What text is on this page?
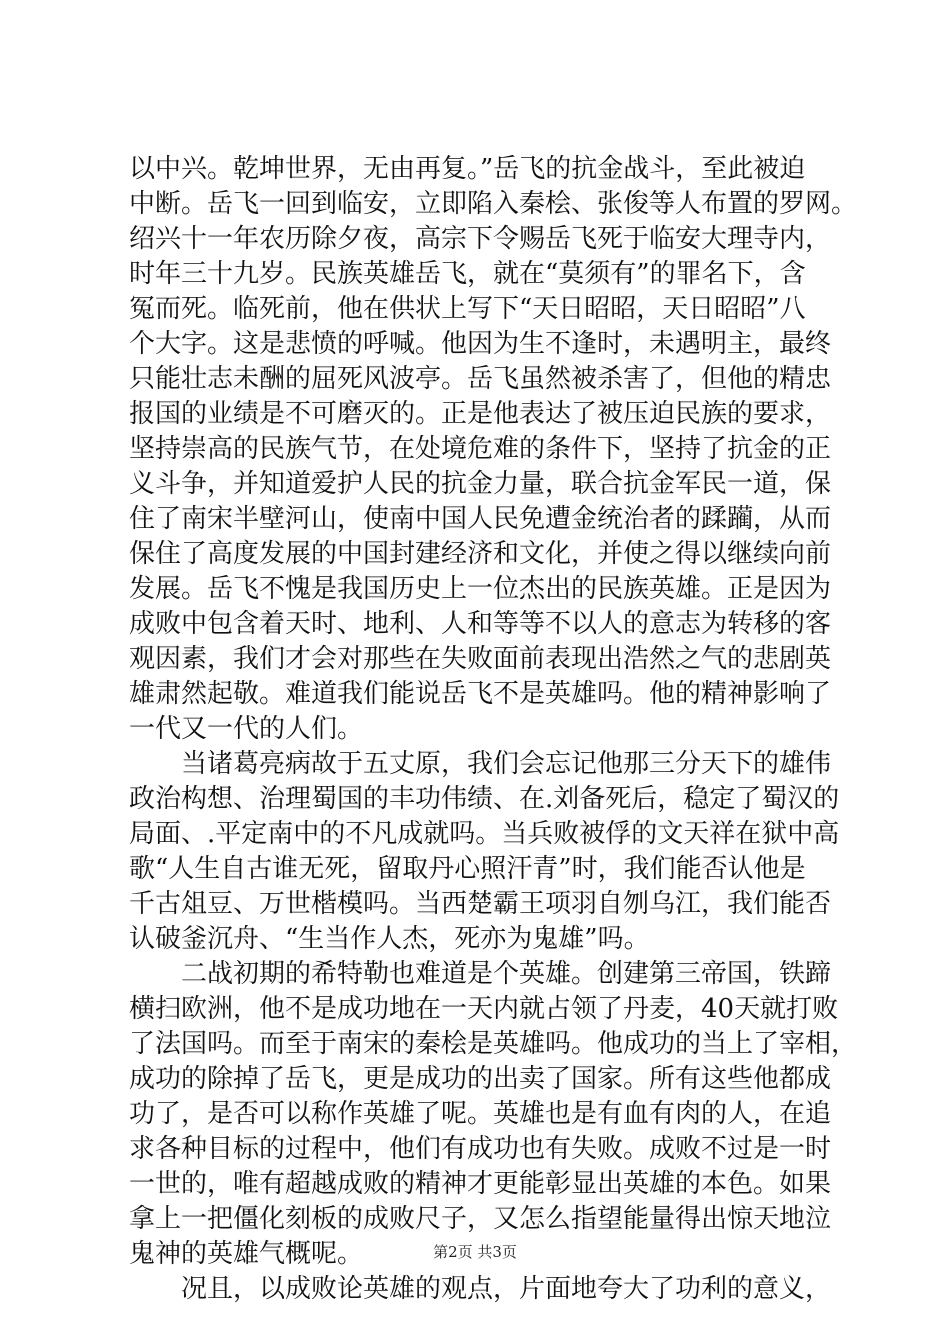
以中兴。乾坤世界，无由再复。”岳飞的抗金战斗，至此被迫
中断。岳飞一回到临安，立即陷入秦桧、张俊等人布置的罗网。
绍兴十一年农历除夕夜，高宗下令赐岳飞死于临安大理寺内，
时年三十九岁。民族英雄岳飞，就在“莫须有”的罪名下，含
冤而死。临死前，他在供状上写下“天日昭昭，天日昭昭”八
个大字。这是悲愤的呼喊。他因为生不逢时，未遇明主，最终
只能壮志未酬的屈死风波亭。岳飞虽然被杀害了，但他的精忠
报国的业绩是不可磨灭的。正是他表达了被压迫民族的要求，
坚持崇高的民族气节，在处境危难的条件下，坚持了抗金的正
义斗争，并知道爱护人民的抗金力量，联合抗金军民一道，保
住了南宋半壁河山，使南中国人民免遭金统治者的蹂躏，从而
保住了高度发展的中国封建经济和文化，并使之得以继续向前
发展。岳飞不愧是我国历史上一位杰出的民族英雄。正是因为
成败中包含着天时、地利、人和等等不以人的意志为转移的客
观因素，我们才会对那些在失败面前表现出浩然之气的悲剧英
雄肃然起敬。难道我们能说岳飞不是英雄吗。他的精神影响了
一代又一代的人们。
　　当诸葛亮病故于五丈原，我们会忘记他那三分天下的雄伟
政治构想、治理蜀国的丰功伟绩、在.刘备死后，稳定了蜀汉的
局面、.平定南中的不凡成就吗。当兵败被俘的文天祥在狱中高
歌“人生自古谁无死，留取丹心照汗青”时，我们能否认他是
千古俎豆、万世楷模吗。当西楚霸王项羽自刎乌江，我们能否
认破釜沉舟、“生当作人杰，死亦为鬼雄”吗。
　　二战初期的希特勒也难道是个英雄。创建第三帝国，铁蹄
横扫欧洲，他不是成功地在一天内就占领了丹麦，40天就打败
了法国吗。而至于南宋的秦桧是英雄吗。他成功的当上了宰相，
成功的除掉了岳飞，更是成功的出卖了国家。所有这些他都成
功了，是否可以称作英雄了呢。英雄也是有血有肉的人，在追
求各种目标的过程中，他们有成功也有失败。成败不过是一时
一世的，唯有超越成败的精神才更能彰显出英雄的本色。如果
拿上一把僵化刻板的成败尺子，又怎么指望能量得出惊天地泣
鬼神的英雄气概呢。
　　况且，以成败论英雄的观点，片面地夸大了功利的意义，
第2页 共3页
